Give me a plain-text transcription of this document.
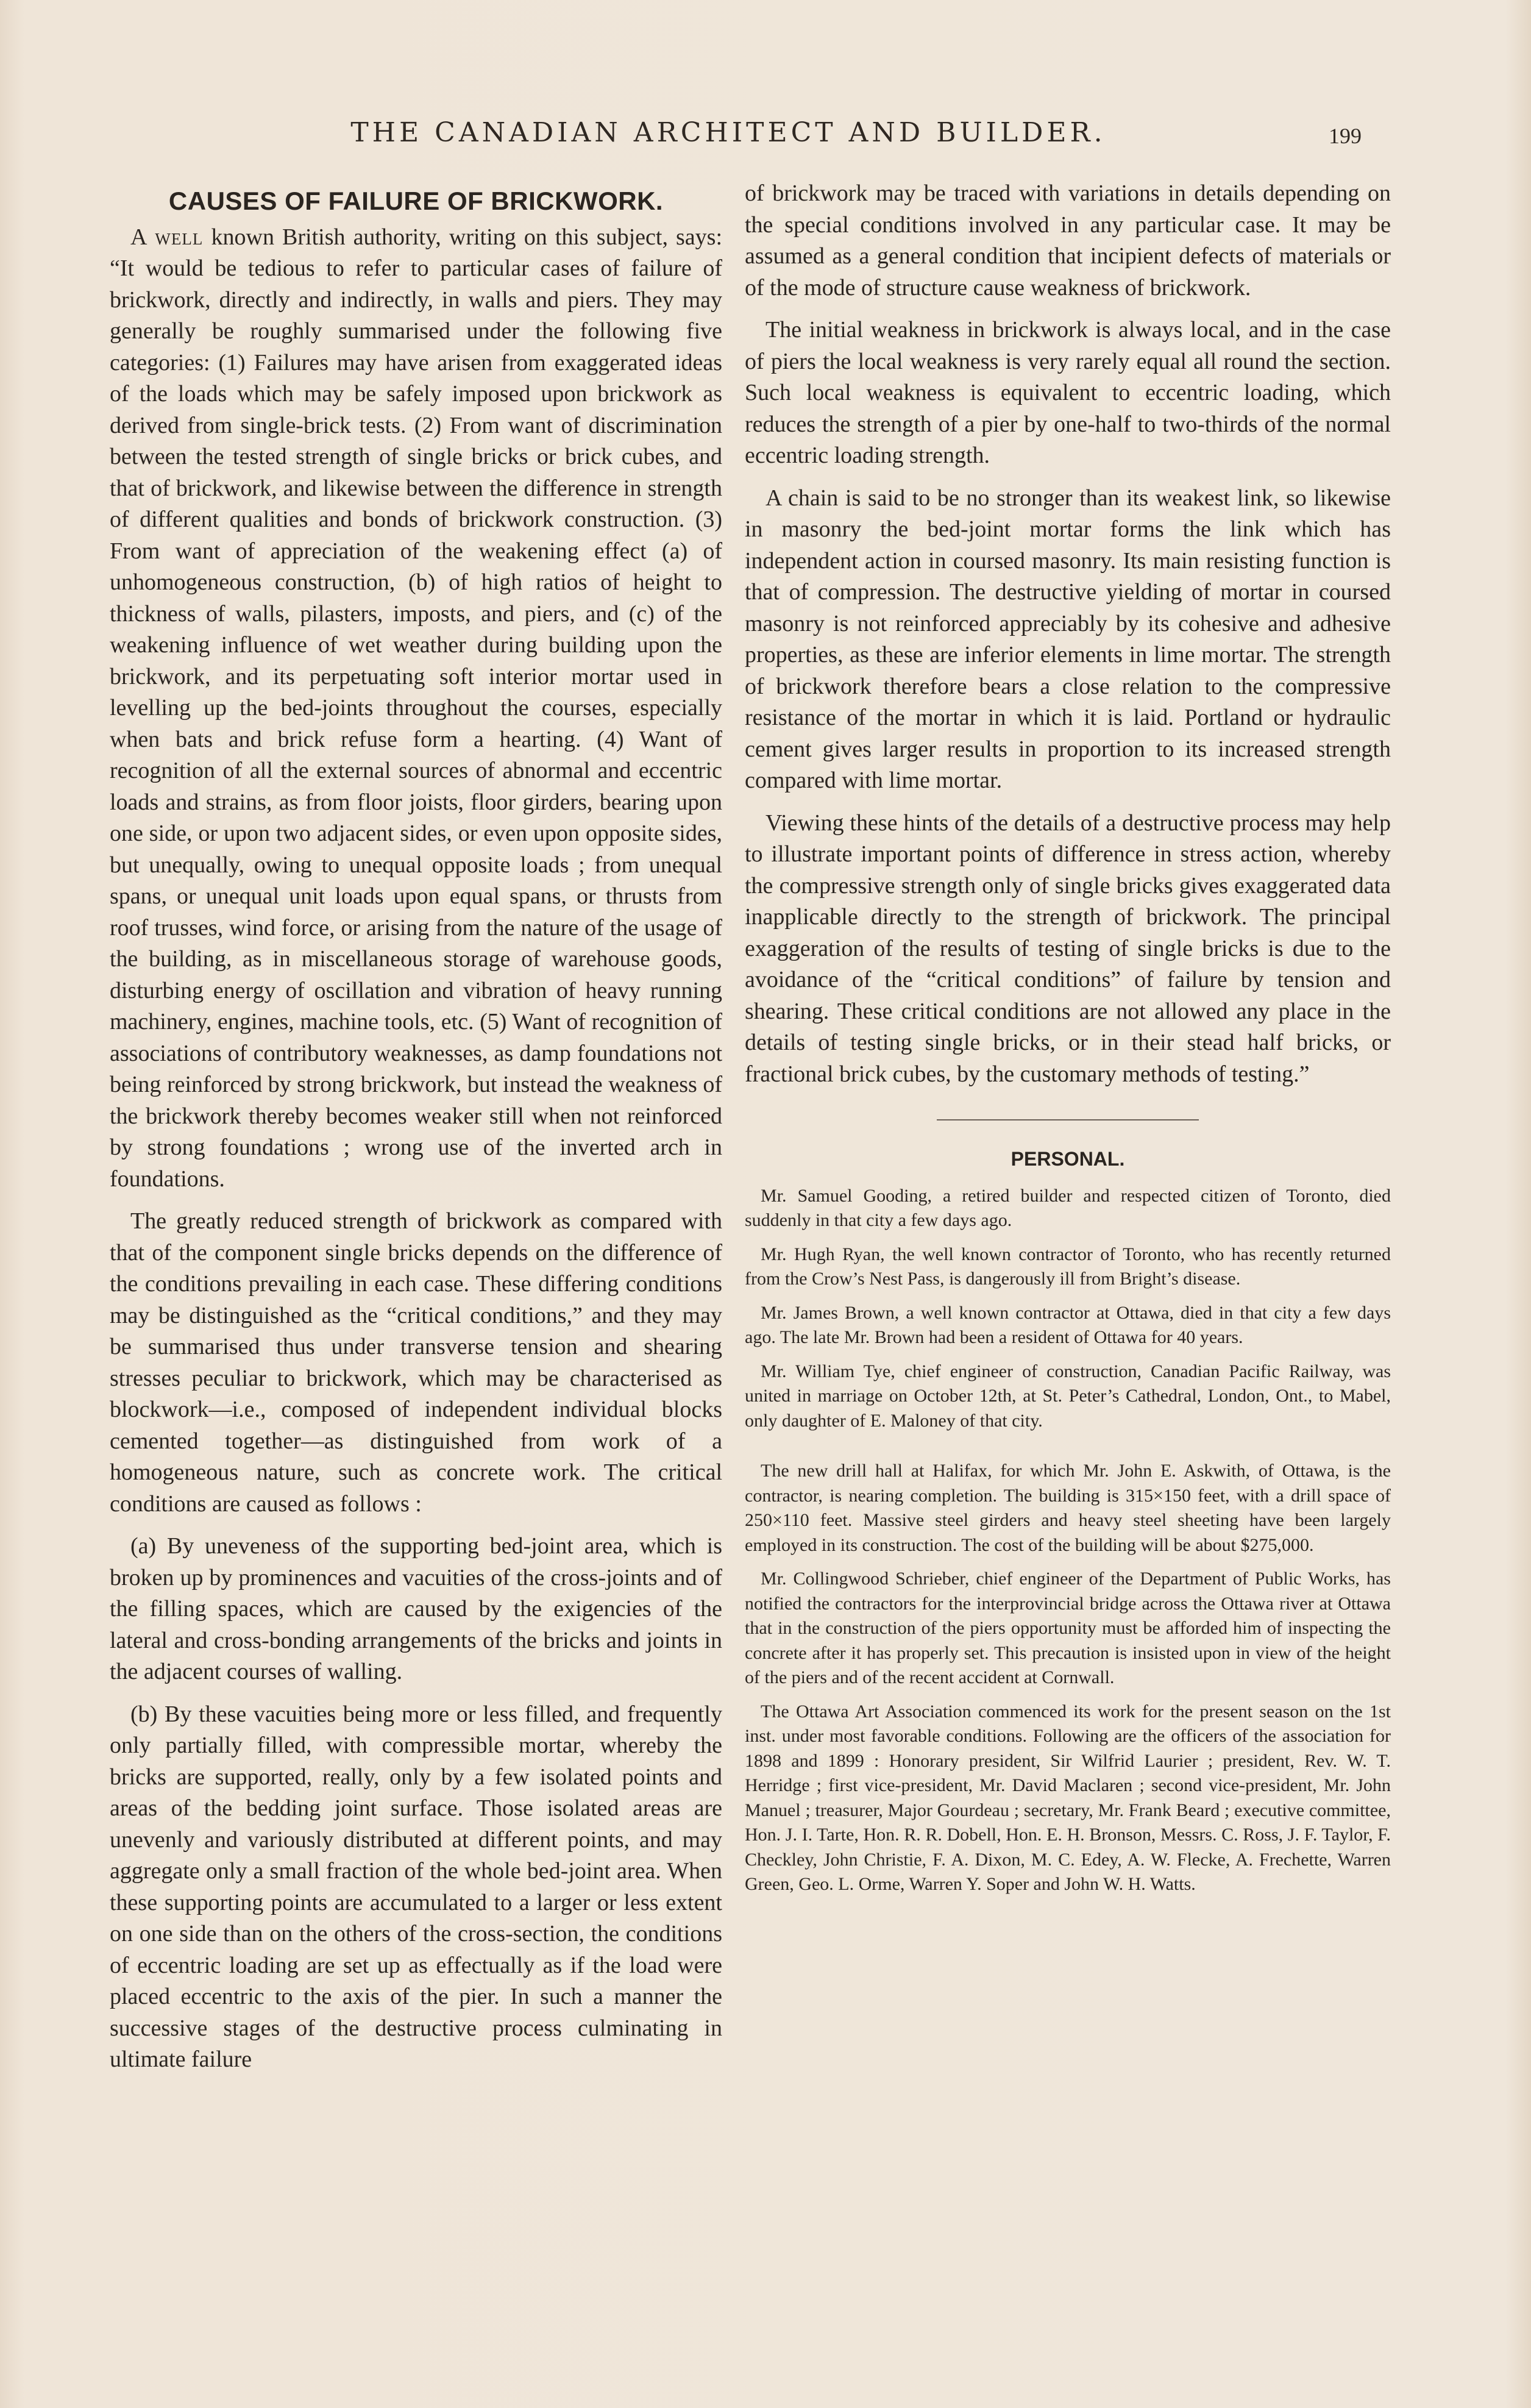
THE CANADIAN ARCHITECT AND BUILDER.	199
CAUSES OF FAILURE OF BRICKWORK.

A well known British authority, writing on this subject, says: “It would be tedious to refer to particular cases of failure of brickwork, directly and indirectly, in walls and piers. They may generally be roughly summarised under the following five categories: (1) Failures may have arisen from exaggerated ideas of the loads which may be safely imposed upon brickwork as derived from single-brick tests. (2) From want of discrimination between the tested strength of single bricks or brick cubes, and that of brickwork, and likewise between the difference in strength of different qualities and bonds of brickwork construction. (3) From want of appreciation of the weakening effect (a) of unhomogeneous construction, (b) of high ratios of height to thickness of walls, pilasters, imposts, and piers, and (c) of the weakening influence of wet weather during building upon the brickwork, and its perpetuating soft interior mortar used in levelling up the bed-joints throughout the courses, especially when bats and brick refuse form a hearting. (4) Want of recognition of all the external sources of abnormal and eccentric loads and strains, as from floor joists, floor girders, bearing upon one side, or upon two adjacent sides, or even upon opposite sides, but unequally, owing to unequal opposite loads ; from unequal spans, or unequal unit loads upon equal spans, or thrusts from roof trusses, wind force, or arising from the nature of the usage of the building, as in miscellaneous storage of warehouse goods, disturbing energy of oscillation and vibration of heavy running machinery, engines, machine tools, etc. (5) Want of recognition of associations of contributory weaknesses, as damp foundations not being reinforced by strong brickwork, but instead the weakness of the brickwork thereby becomes weaker still when not reinforced by strong foundations ; wrong use of the inverted arch in foundations.

The greatly reduced strength of brickwork as compared with that of the component single bricks depends on the difference of the conditions prevailing in each case. These differing conditions may be distinguished as the “critical conditions,” and they may be summarised thus under transverse tension and shearing stresses peculiar to brickwork, which may be characterised as blockwork—i.e., composed of independent individual blocks cemented together—as distinguished from work of a homogeneous nature, such as concrete work. The critical conditions are caused as follows :

(a) By uneveness of the supporting bed-joint area, which is broken up by prominences and vacuities of the cross-joints and of the filling spaces, which are caused by the exigencies of the lateral and cross-bonding arrangements of the bricks and joints in the adjacent courses of walling.

(b) By these vacuities being more or less filled, and frequently only partially filled, with compressible mortar, whereby the bricks are supported, really, only by a few isolated points and areas of the bedding joint surface. Those isolated areas are unevenly and variously distributed at different points, and may aggregate only a small fraction of the whole bed-joint area. When these supporting points are accumulated to a larger or less extent on one side than on the others of the cross-section, the conditions of eccentric loading are set up as effectually as if the load were placed eccentric to the axis of the pier. In such a manner the successive stages of the destructive process culminating in ultimate failure

of brickwork may be traced with variations in details depending on the special conditions involved in any particular case. It may be assumed as a general condition that incipient defects of materials or of the mode of structure cause weakness of brickwork.

The initial weakness in brickwork is always local, and in the case of piers the local weakness is very rarely equal all round the section. Such local weakness is equivalent to eccentric loading, which reduces the strength of a pier by one-half to two-thirds of the normal eccentric loading strength.

A chain is said to be no stronger than its weakest link, so likewise in masonry the bed-joint mortar forms the link which has independent action in coursed masonry. Its main resisting function is that of compression. The destructive yielding of mortar in coursed masonry is not reinforced appreciably by its cohesive and adhesive properties, as these are inferior elements in lime mortar. The strength of brickwork therefore bears a close relation to the compressive resistance of the mortar in which it is laid. Portland or hydraulic cement gives larger results in proportion to its increased strength compared with lime mortar.

Viewing these hints of the details of a destructive process may help to illustrate important points of difference in stress action, whereby the compressive strength only of single bricks gives exaggerated data inapplicable directly to the strength of brickwork. The principal exaggeration of the results of testing of single bricks is due to the avoidance of the “critical conditions” of failure by tension and shearing. These critical conditions are not allowed any place in the details of testing single bricks, or in their stead half bricks, or fractional brick cubes, by the customary methods of testing.”

PERSONAL.

Mr. Samuel Gooding, a retired builder and respected citizen of Toronto, died suddenly in that city a few days ago.

Mr. Hugh Ryan, the well known contractor of Toronto, who has recently returned from the Crow’s Nest Pass, is dangerously ill from Bright’s disease.

Mr. James Brown, a well known contractor at Ottawa, died in that city a few days ago. The late Mr. Brown had been a resident of Ottawa for 40 years.

Mr. William Tye, chief engineer of construction, Canadian Pacific Railway, was united in marriage on October 12th, at St. Peter’s Cathedral, London, Ont., to Mabel, only daughter of E. Maloney of that city.

The new drill hall at Halifax, for which Mr. John E. Askwith, of Ottawa, is the contractor, is nearing completion. The building is 315×150 feet, with a drill space of 250×110 feet. Massive steel girders and heavy steel sheeting have been largely employed in its construction. The cost of the building will be about $275,000.

Mr. Collingwood Schrieber, chief engineer of the Department of Public Works, has notified the contractors for the interprovincial bridge across the Ottawa river at Ottawa that in the construction of the piers opportunity must be afforded him of inspecting the concrete after it has properly set. This precaution is insisted upon in view of the height of the piers and of the recent accident at Cornwall.

The Ottawa Art Association commenced its work for the present season on the 1st inst. under most favorable conditions. Following are the officers of the association for 1898 and 1899 : Honorary president, Sir Wilfrid Laurier ; president, Rev. W. T. Herridge ; first vice-president, Mr. David Maclaren ; second vice-president, Mr. John Manuel ; treasurer, Major Gourdeau ; secretary, Mr. Frank Beard ; executive committee, Hon. J. I. Tarte, Hon. R. R. Dobell, Hon. E. H. Bronson, Messrs. C. Ross, J. F. Taylor, F. Checkley, John Christie, F. A. Dixon, M. C. Edey, A. W. Flecke, A. Frechette, Warren Green, Geo. L. Orme, Warren Y. Soper and John W. H. Watts.
